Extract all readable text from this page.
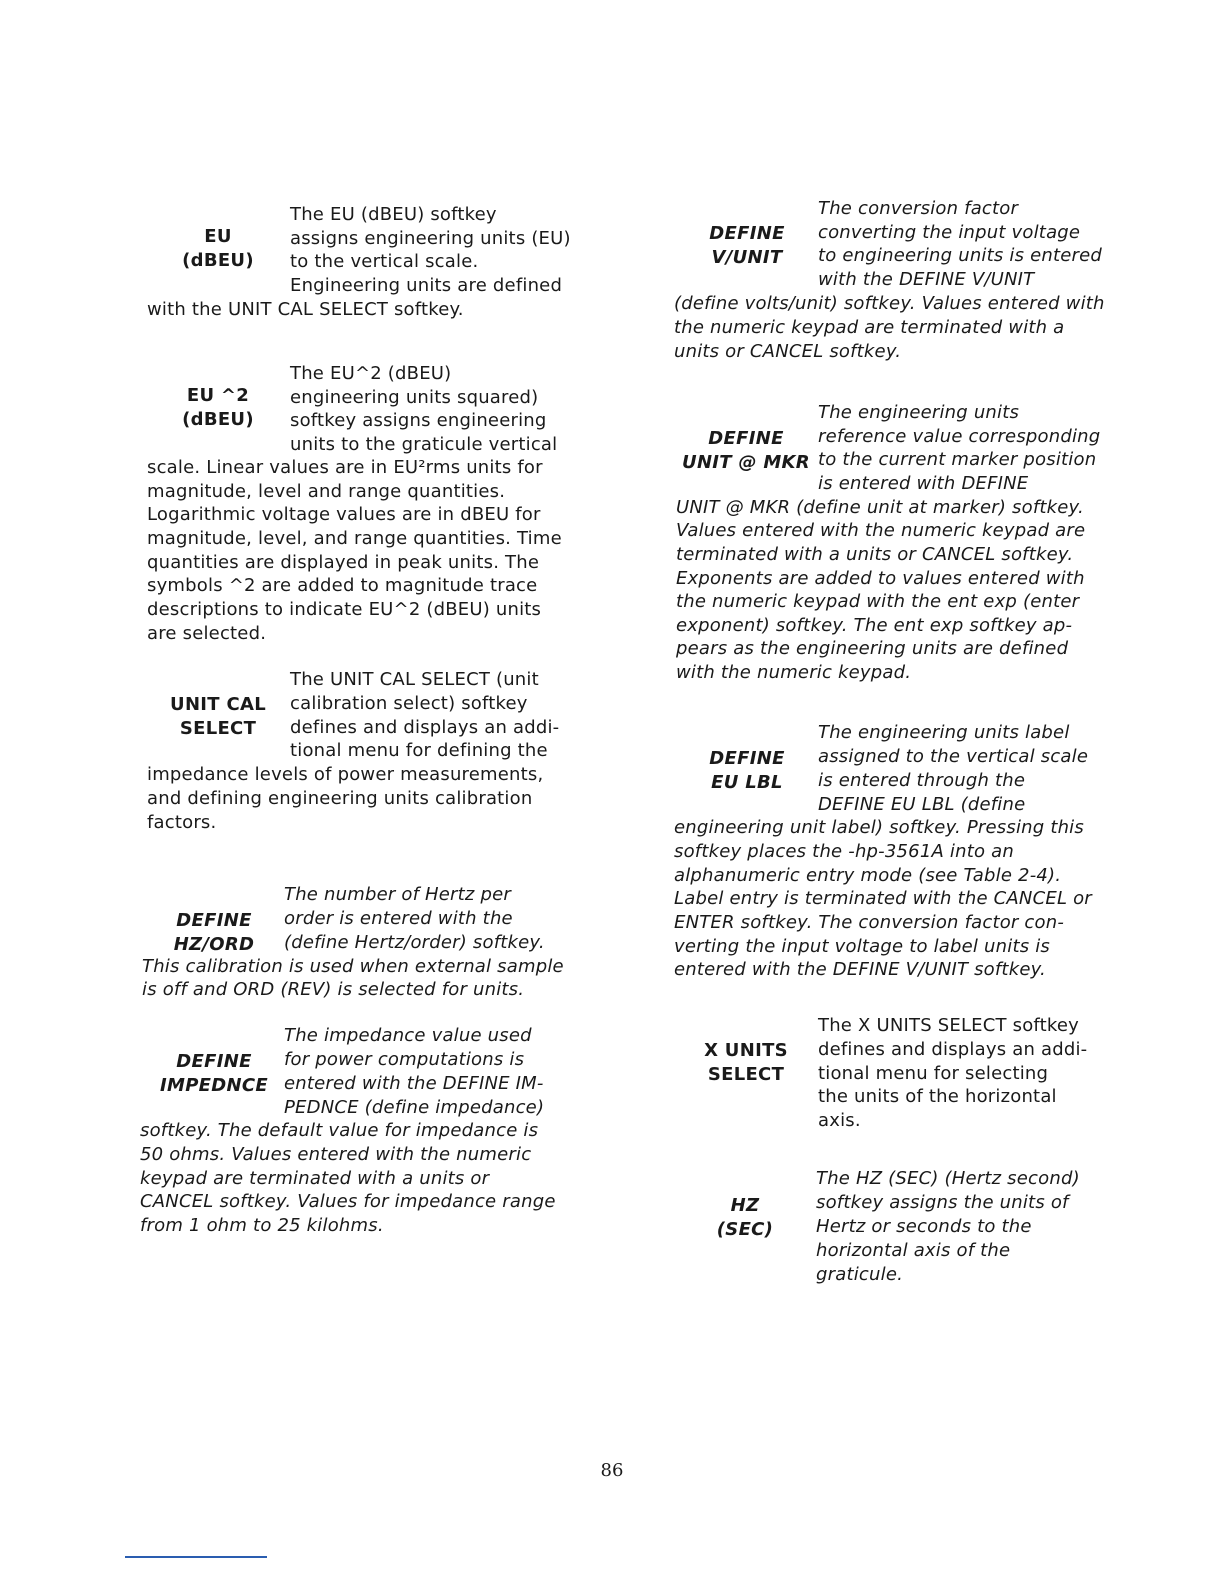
EU
(dBEU)
The EU (dBEU) softkey
assigns engineering units (EU)
to the vertical scale.
Engineering units are defined
with the UNIT CAL SELECT softkey.
EU ^2
(dBEU)
The EU^2 (dBEU)
engineering units squared)
softkey assigns engineering
units to the graticule vertical
scale. Linear values are in EU²rms units for
magnitude, level and range quantities.
Logarithmic voltage values are in dBEU for
magnitude, level, and range quantities. Time
quantities are displayed in peak units. The
symbols ^2 are added to magnitude trace
descriptions to indicate EU^2 (dBEU) units
are selected.
UNIT CAL
SELECT
The UNIT CAL SELECT (unit
calibration select) softkey
defines and displays an addi-
tional menu for defining the
impedance levels of power measurements,
and defining engineering units calibration
factors.
DEFINE
HZ/ORD
The number of Hertz per
order is entered with the
(define Hertz/order) softkey.
This calibration is used when external sample
is off and ORD (REV) is selected for units.
DEFINE
IMPEDNCE
The impedance value used
for power computations is
entered with the DEFINE IM-
PEDNCE (define impedance)
softkey. The default value for impedance is
50 ohms. Values entered with the numeric
keypad are terminated with a units or
CANCEL softkey. Values for impedance range
from 1 ohm to 25 kilohms.
DEFINE
V/UNIT
The conversion factor
converting the input voltage
to engineering units is entered
with the DEFINE V/UNIT
(define volts/unit) softkey. Values entered with
the numeric keypad are terminated with a
units or CANCEL softkey.
DEFINE
UNIT @ MKR
The engineering units
reference value corresponding
to the current marker position
is entered with DEFINE
UNIT @ MKR (define unit at marker) softkey.
Values entered with the numeric keypad are
terminated with a units or CANCEL softkey.
Exponents are added to values entered with
the numeric keypad with the ent exp (enter
exponent) softkey. The ent exp softkey ap-
pears as the engineering units are defined
with the numeric keypad.
DEFINE
EU LBL
The engineering units label
assigned to the vertical scale
is entered through the
DEFINE EU LBL (define
engineering unit label) softkey. Pressing this
softkey places the -hp-3561A into an
alphanumeric entry mode (see Table 2-4).
Label entry is terminated with the CANCEL or
ENTER softkey. The conversion factor con-
verting the input voltage to label units is
entered with the DEFINE V/UNIT softkey.
X UNITS
SELECT
The X UNITS SELECT softkey
defines and displays an addi-
tional menu for selecting
the units of the horizontal
axis.
HZ
(SEC)
The HZ (SEC) (Hertz second)
softkey assigns the units of
Hertz or seconds to the
horizontal axis of the
graticule.
86
